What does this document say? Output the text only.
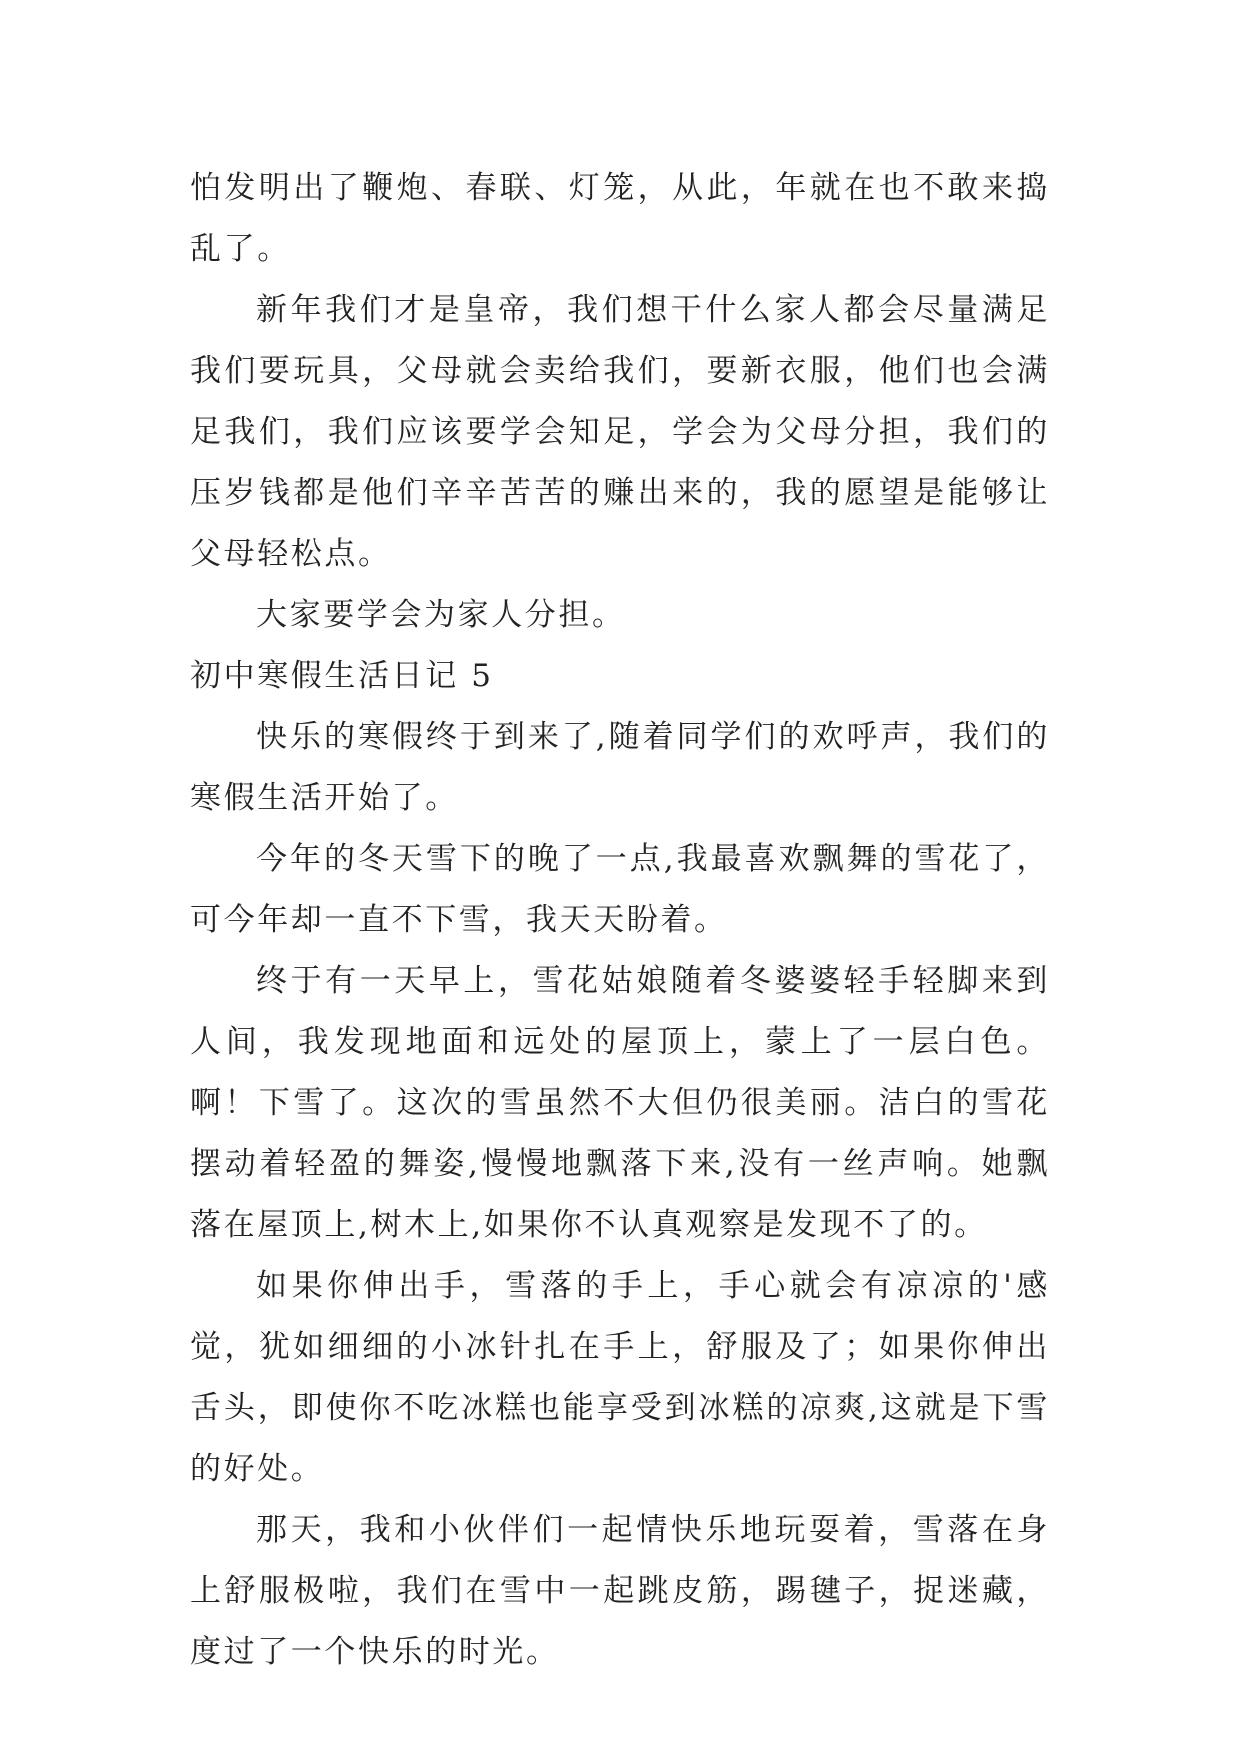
怕发明出了鞭炮、春联、灯笼，从此，年就在也不敢来捣乱了。

新年我们才是皇帝，我们想干什么家人都会尽量满足我们要玩具，父母就会卖给我们，要新衣服，他们也会满足我们，我们应该要学会知足，学会为父母分担，我们的压岁钱都是他们辛辛苦苦的赚出来的，我的愿望是能够让父母轻松点。

大家要学会为家人分担。

初中寒假生活日记 5

快乐的寒假终于到来了,随着同学们的欢呼声，我们的寒假生活开始了。

今年的冬天雪下的晚了一点,我最喜欢飘舞的雪花了，可今年却一直不下雪，我天天盼着。

终于有一天早上，雪花姑娘随着冬婆婆轻手轻脚来到人间，我发现地面和远处的屋顶上，蒙上了一层白色。啊！下雪了。这次的雪虽然不大但仍很美丽。洁白的雪花摆动着轻盈的舞姿,慢慢地飘落下来,没有一丝声响。她飘落在屋顶上,树木上,如果你不认真观察是发现不了的。

如果你伸出手，雪落的手上，手心就会有凉凉的'感觉，犹如细细的小冰针扎在手上，舒服及了；如果你伸出舌头，即使你不吃冰糕也能享受到冰糕的凉爽,这就是下雪的好处。

那天，我和小伙伴们一起情快乐地玩耍着，雪落在身上舒服极啦，我们在雪中一起跳皮筋，踢毽子，捉迷藏，度过了一个快乐的时光。
